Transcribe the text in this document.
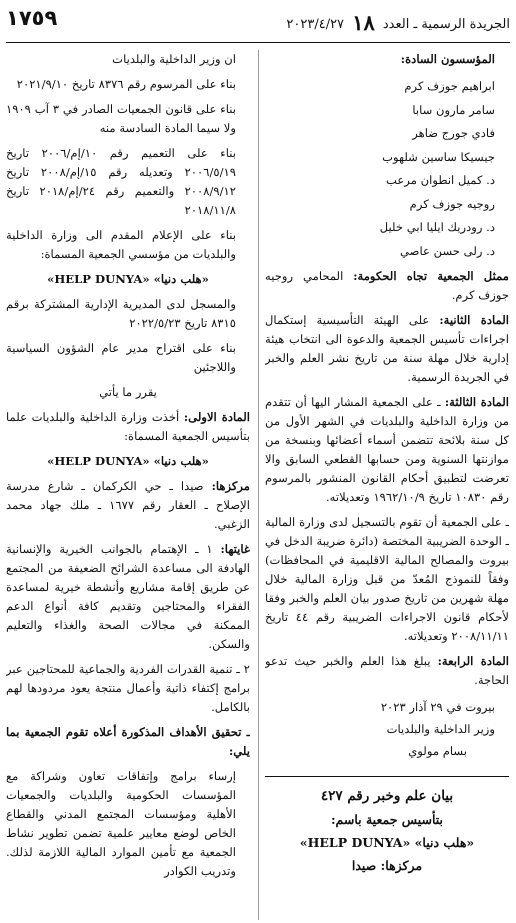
الجريدة الرسمية ـ العدد ١٨ ٢٠٢٣/٤/٢٧
١٧٥٩

المؤسسون السادة:

ابراهيم جوزف كرم
سامر مارون سابا
فادي جورج ضاهر
جيسيكا ساسين شلهوب
د. كميل انطوان مرعب
روجيه جوزف كرم
د. رودريك ايليا ابي خليل
د. رلى حسن عاصي

ممثل الجمعية تجاه الحكومة: المحامي روجيه جوزف كرم.

المادة الثانية: على الهيئة التأسيسية إستكمال اجراءات تأسيس الجمعية والدعوة الى انتخاب هيئة إدارية خلال مهلة سنة من تاريخ نشر العلم والخبر في الجريدة الرسمية.

المادة الثالثة: ـ على الجمعية المشار اليها أن تتقدم من وزارة الداخلية والبلديات في الشهر الأول من كل سنة بلائحة تتضمن أسماء أعضائها وبنسخة من موازنتها السنوية ومن حسابها القطعي السابق والا تعرضت لتطبيق أحكام القانون المنشور بالمرسوم رقم ١٠٨٣٠ تاريخ ١٩٦٢/١٠/٩ وتعديلاته.

ـ على الجمعية أن تقوم بالتسجيل لدى وزارة المالية ـ الوحدة الضريبية المختصة (دائرة ضريبة الدخل في بيروت والمصالح المالية الاقليمية في المحافظات) وفقاً للنموذج المُعدّ من قبل وزارة المالية خلال مهلة شهرين من تاريخ صدور بيان العلم والخبر وفقا لأحكام قانون الاجراءات الضريبية رقم ٤٤ تاريخ ٢٠٠٨/١١/١١ وتعديلاته.

المادة الرابعة: يبلغ هذا العلم والخبر حيث تدعو الحاجة.

بيروت في ٢٩ آذار ٢٠٢٣
وزير الداخلية والبلديات
بسام مولوي
بيان علم وخبر رقم ٤٢٧
بتأسيس جمعية باسم:
«هلب دنيا» «HELP DUNYA»
مركزها: صيدا

ان وزير الداخلية والبلديات

بناء على المرسوم رقم ٨٣٧٦ تاريخ ٢٠٢١/٩/١٠

بناء على قانون الجمعيات الصادر في ٣ آب ١٩٠٩ ولا سيما المادة السادسة منه

بناء على التعميم رقم ١٠/إم/٢٠٠٦ تاريخ ٢٠٠٦/٥/١٩ وتعديله رقم ١٥/إم/٢٠٠٨ تاريخ ٢٠٠٨/٩/١٢ والتعميم رقم ٢٤/إم/٢٠١٨ تاريخ ٢٠١٨/١١/٨

بناء على الإعلام المقدم الى وزارة الداخلية والبلديات من مؤسسي الجمعية المسماة:

«هلب دنيا» «HELP DUNYA»

والمسجل لدى المديرية الإدارية المشتركة برقم ٨٣١٥ تاريخ ٢٠٢٢/٥/٢٣

بناء على اقتراح مدير عام الشؤون السياسية واللاجئين

يقرر ما يأتي

المادة الاولى: أخذت وزارة الداخلية والبلديات علما بتأسيس الجمعية المسماة:

«هلب دنيا» «HELP DUNYA»

مركزها: صيدا ـ حي الكركمان ـ شارع مدرسة الإصلاح ـ العقار رقم ١٦٧٧ ـ ملك جهاد محمد الزغبي.

غايتها: ١ ـ الإهتمام بالجوانب الخيرية والإنسانية الهادفة الى مساعدة الشرائح الضعيفة من المجتمع عن طريق إقامة مشاريع وأنشطة خيرية لمساعدة الفقراء والمحتاجين وتقديم كافة أنواع الدعم الممكنة في مجالات الصحة والغذاء والتعليم والسكن.

٢ ـ تنمية القدرات الفردية والجماعية للمحتاجين عبر برامج إكتفاء ذاتية وأعمال منتجة يعود مردودها لهم بالكامل.

ـ تحقيق الأهداف المذكورة أعلاه تقوم الجمعية بما يلي:

إرساء برامج وإتفاقات تعاون وشراكة مع المؤسسات الحكومية والبلديات والجمعيات الأهلية ومؤسسات المجتمع المدني والقطاع الخاص لوضع معايير علمية تضمن تطوير نشاط الجمعية مع تأمين الموارد المالية اللازمة لذلك. وتدريب الكوادر
